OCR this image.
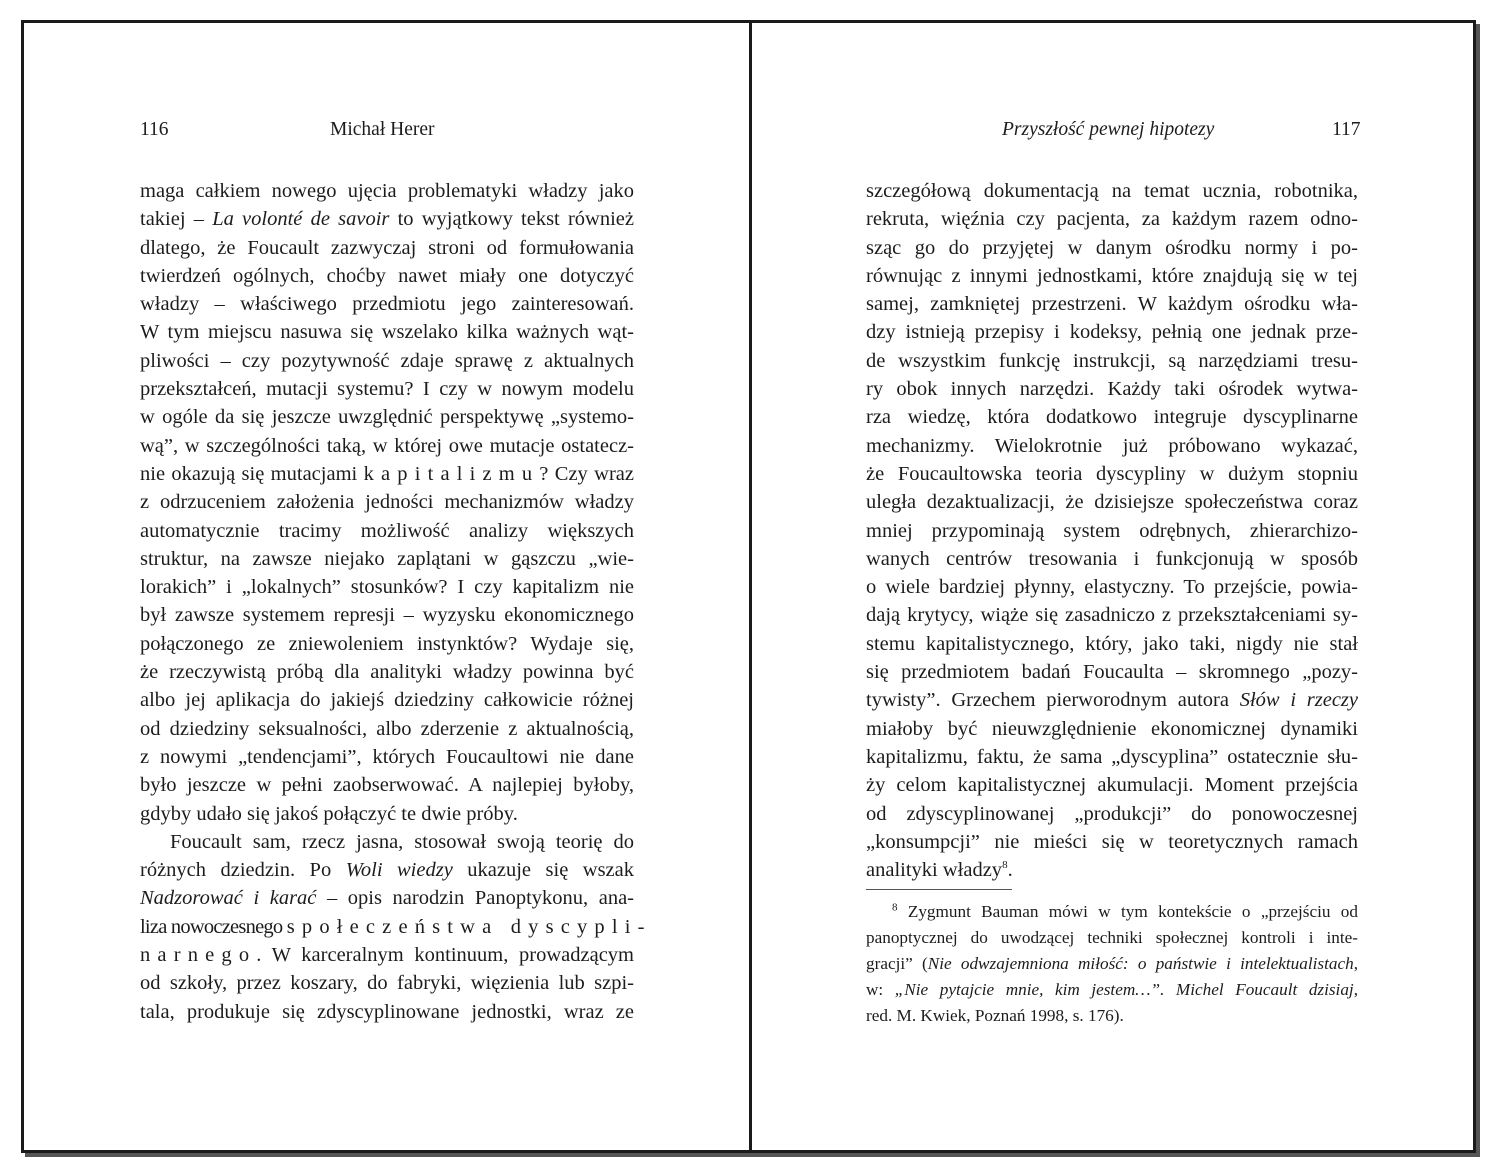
116	Michał Herer
maga całkiem nowego ujęcia problematyki władzy jako
takiej – La volonté de savoir to wyjątkowy tekst również
dlatego, że Foucault zazwyczaj stroni od formułowania
twierdzeń ogólnych, choćby nawet miały one dotyczyć
władzy – właściwego przedmiotu jego zainteresowań.
W tym miejscu nasuwa się wszelako kilka ważnych wąt-
pliwości – czy pozytywność zdaje sprawę z aktualnych
przekształceń, mutacji systemu? I czy w nowym modelu
w ogóle da się jeszcze uwzględnić perspektywę „systemo-
wą”, w szczególności taką, w której owe mutacje ostatecz-
nie okazują się mutacjami kapitalizmu? Czy wraz
z odrzuceniem założenia jedności mechanizmów władzy
automatycznie tracimy możliwość analizy większych
struktur, na zawsze niejako zaplątani w gąszczu „wie-
lorakich” i „lokalnych” stosunków? I czy kapitalizm nie
był zawsze systemem represji – wyzysku ekonomicznego
połączonego ze zniewoleniem instynktów? Wydaje się,
że rzeczywistą próbą dla analityki władzy powinna być
albo jej aplikacja do jakiejś dziedziny całkowicie różnej
od dziedziny seksualności, albo zderzenie z aktualnością,
z nowymi „tendencjami”, których Foucaultowi nie dane
było jeszcze w pełni zaobserwować. A najlepiej byłoby,
gdyby udało się jakoś połączyć te dwie próby.
Foucault sam, rzecz jasna, stosował swoją teorię do
różnych dziedzin. Po Woli wiedzy ukazuje się wszak
Nadzorować i karać – opis narodzin Panoptykonu, ana-
liza nowoczesnego społeczeństwa dyscypli-
narnego. W karceralnym kontinuum, prowadzącym
od szkoły, przez koszary, do fabryki, więzienia lub szpi-
tala, produkuje się zdyscyplinowane jednostki, wraz ze
Przyszłość pewnej hipotezy	117
szczegółową dokumentacją na temat ucznia, robotnika,
rekruta, więźnia czy pacjenta, za każdym razem odno-
sząc go do przyjętej w danym ośrodku normy i po-
równując z innymi jednostkami, które znajdują się w tej
samej, zamkniętej przestrzeni. W każdym ośrodku wła-
dzy istnieją przepisy i kodeksy, pełnią one jednak prze-
de wszystkim funkcję instrukcji, są narzędziami tresu-
ry obok innych narzędzi. Każdy taki ośrodek wytwa-
rza wiedzę, która dodatkowo integruje dyscyplinarne
mechanizmy. Wielokrotnie już próbowano wykazać,
że Foucaultowska teoria dyscypliny w dużym stopniu
uległa dezaktualizacji, że dzisiejsze społeczeństwa coraz
mniej przypominają system odrębnych, zhierarchizo-
wanych centrów tresowania i funkcjonują w sposób
o wiele bardziej płynny, elastyczny. To przejście, powia-
dają krytycy, wiąże się zasadniczo z przekształceniami sy-
stemu kapitalistycznego, który, jako taki, nigdy nie stał
się przedmiotem badań Foucaulta – skromnego „pozy-
tywisty”. Grzechem pierworodnym autora Słów i rzeczy
miałoby być nieuwzględnienie ekonomicznej dynamiki
kapitalizmu, faktu, że sama „dyscyplina” ostatecznie słu-
ży celom kapitalistycznej akumulacji. Moment przejścia
od zdyscyplinowanej „produkcji” do ponowoczesnej
„konsumpcji” nie mieści się w teoretycznych ramach
analityki władzy$^8$.
$^8$ Zygmunt Bauman mówi w tym kontekście o „przejściu od
panoptycznej do uwodzącej techniki społecznej kontroli i inte-
gracji” (Nie odwzajemniona miłość: o państwie i intelektualistach,
w: „Nie pytajcie mnie, kim jestem…”. Michel Foucault dzisiaj,
red. M. Kwiek, Poznań 1998, s. 176).
